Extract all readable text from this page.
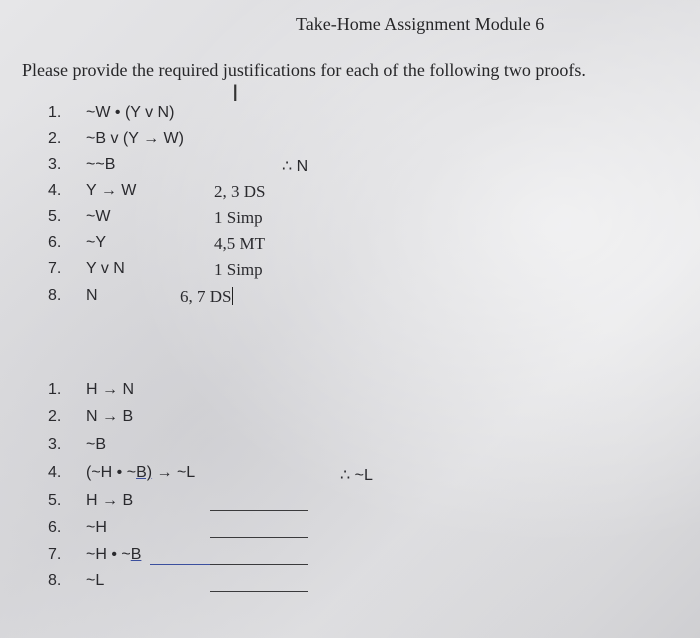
Take-Home Assignment Module 6
Please provide the required justifications for each of the following two proofs.
I
∴ N
1.	~W • (Y v N)
2.	~B v (Y → W)
3.	~~B
4.	Y → W	2, 3 DS
5.	~W	1 Simp
6.	~Y	4,5 MT
7.	Y v N	1 Simp
8.	N	6, 7 DS
∴ ~L
1.	H → N
2.	N → B
3.	~B
4.	(~H • ~B) → ~L
5.	H → B
6.	~H
7.	~H • ~B
8.	~L
